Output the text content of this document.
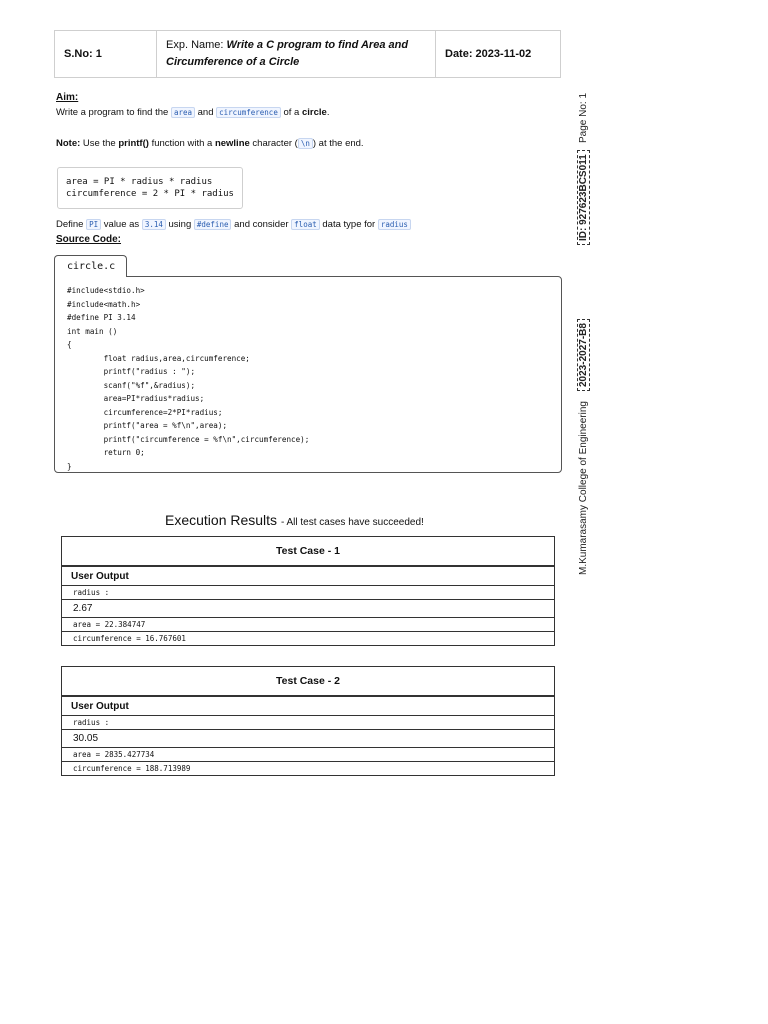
S.No: 1
Exp. Name: Write a C program to find Area and Circumference of a Circle
Date: 2023-11-02
Page No: 1
ID: 927623BCS011
2023-2027-B8
M.Kumarasamy College of Engineering
Aim:
Write a program to find the area and circumference of a circle.
Note: Use the printf() function with a newline character ( \n ) at the end.
area = PI * radius * radius
circumference = 2 * PI * radius
Define PI value as 3.14 using #define and consider float data type for radius
Source Code:
circle.c
#include<stdio.h>
#include<math.h>
#define PI 3.14
int main ()
{
float radius,area,circumference;
printf("radius : ");
scanf("%f",&radius);
area=PI*radius*radius;
circumference=2*PI*radius;
printf("area = %f\n",area);
printf("circumference = %f\n",circumference);
return 0;
}
Execution Results - All test cases have succeeded!
Test Case - 1
User Output
radius :
2.67
area = 22.384747
circumference = 16.767601
Test Case - 2
User Output
radius :
30.05
area = 2835.427734
circumference = 188.713989
